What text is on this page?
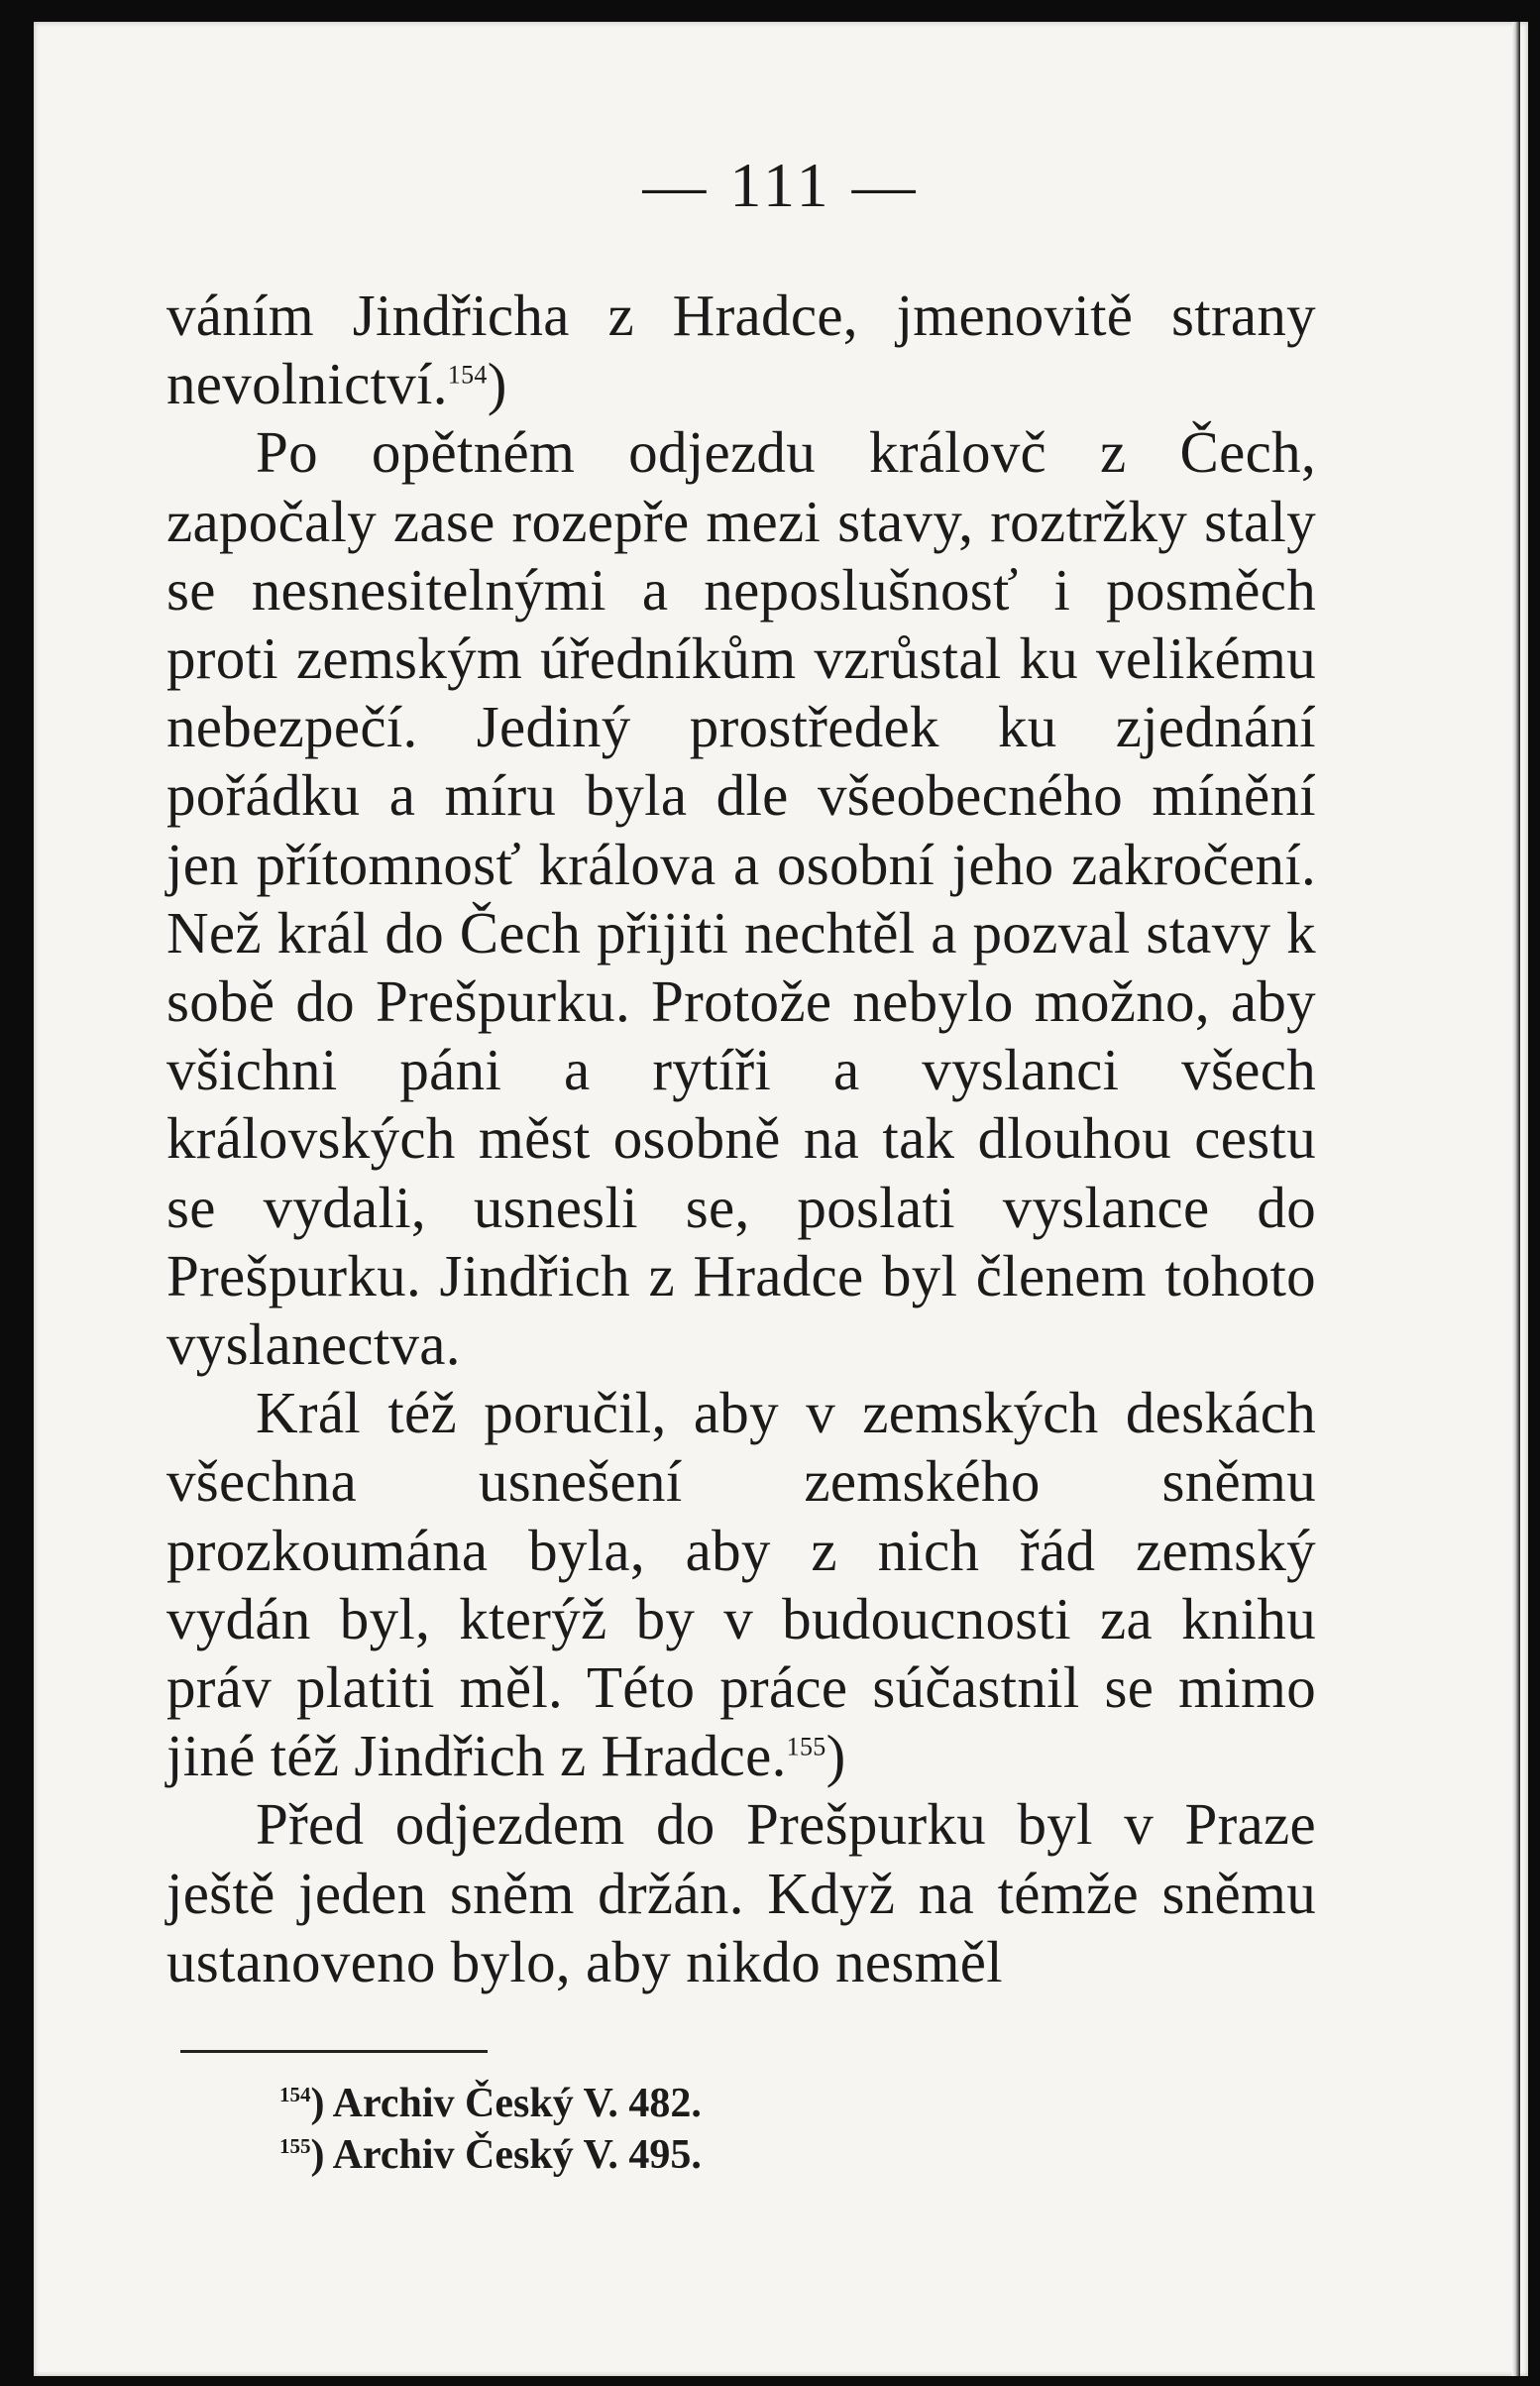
— 111 —

váním Jindřicha z Hradce, jmenovitě strany nevolnictví.$^{154}$)

Po opětném odjezdu královč z Čech, započaly zase rozepře mezi stavy, roztržky staly se nesnesitelnými a neposlušnosť i posměch proti zemským úředníkům vzrůstal ku velikému nebezpečí. Jediný prostředek ku zjednání pořádku a míru byla dle všeobecného mínění jen přítomnosť králova a osobní jeho zakročení. Než král do Čech přijiti nechtěl a pozval stavy k sobě do Prešpurku. Protože nebylo možno, aby všichni páni a rytíři a vyslanci všech královských měst osobně na tak dlouhou cestu se vydali, usnesli se, poslati vyslance do Prešpurku. Jindřich z Hradce byl členem tohoto vyslanectva.

Král též poručil, aby v zemských deskách všechna usnešení zemského sněmu prozkoumána byla, aby z nich řád zemský vydán byl, kterýž by v budoucnosti za knihu práv platiti měl. Této práce súčastnil se mimo jiné též Jindřich z Hradce.$^{155}$)

Před odjezdem do Prešpurku byl v Praze ještě jeden sněm držán. Když na témže sněmu ustanoveno bylo, aby nikdo nesměl

$^{154}$) Archiv Český V. 482.
$^{155}$) Archiv Český V. 495.
